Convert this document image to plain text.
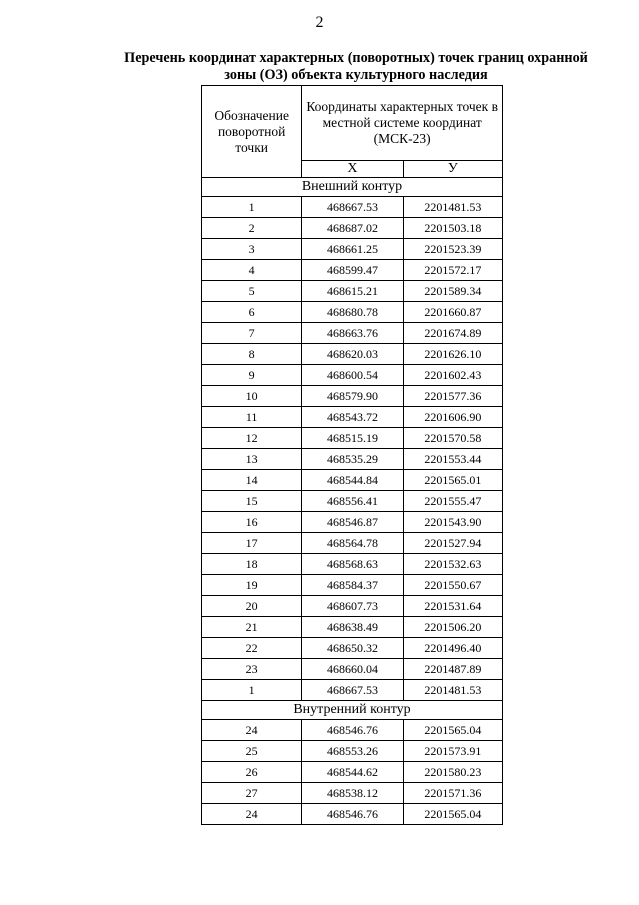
2
Перечень координат характерных (поворотных) точек границ охранной
зоны (ОЗ) объекта культурного наследия
Обозначение поворотной точки	Координаты характерных точек в местной системе координат (МСК-23)	
	Х	У
Внешний контур		
1	468667.53	2201481.53
2	468687.02	2201503.18
3	468661.25	2201523.39
4	468599.47	2201572.17
5	468615.21	2201589.34
6	468680.78	2201660.87
7	468663.76	2201674.89
8	468620.03	2201626.10
9	468600.54	2201602.43
10	468579.90	2201577.36
11	468543.72	2201606.90
12	468515.19	2201570.58
13	468535.29	2201553.44
14	468544.84	2201565.01
15	468556.41	2201555.47
16	468546.87	2201543.90
17	468564.78	2201527.94
18	468568.63	2201532.63
19	468584.37	2201550.67
20	468607.73	2201531.64
21	468638.49	2201506.20
22	468650.32	2201496.40
23	468660.04	2201487.89
1	468667.53	2201481.53
Внутренний контур		
24	468546.76	2201565.04
25	468553.26	2201573.91
26	468544.62	2201580.23
27	468538.12	2201571.36
24	468546.76	2201565.04
